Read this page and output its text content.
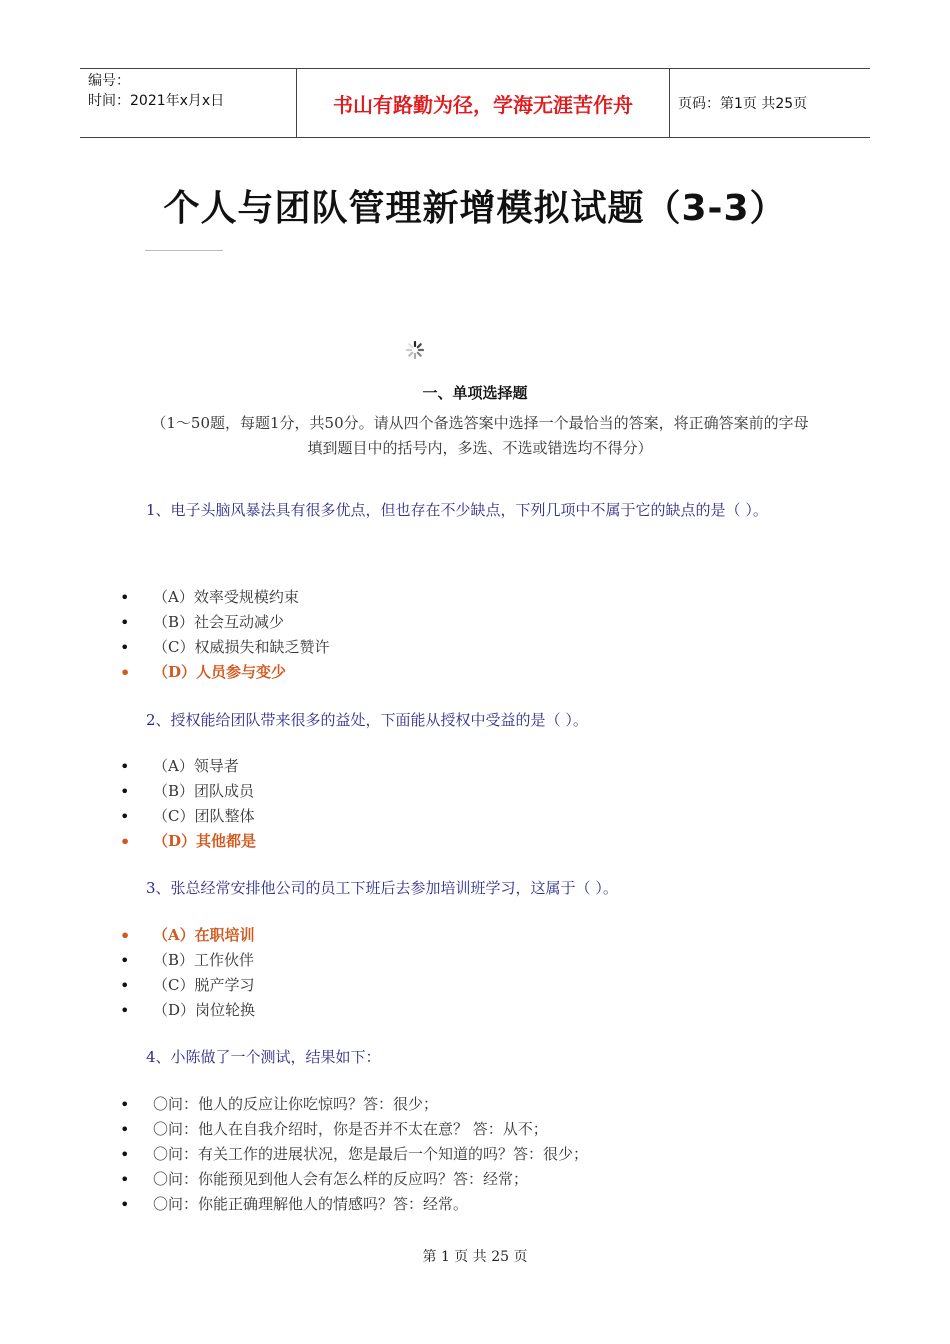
编号：
时间：2021年x月x日	书山有路勤为径，学海无涯苦作舟	页码：第1页 共25页
个人与团队管理新增模拟试题（3-3）
一、单项选择题
（1～50题，每题1分，共50分。请从四个备选答案中选择一个最恰当的答案，将正确答案前的字母填到题目中的括号内，多选、不选或错选均不得分）
1、电子头脑风暴法具有很多优点，但也存在不少缺点，下列几项中不属于它的缺点的是（ ）。
• （A）效率受规模约束
• （B）社会互动减少
• （C）权威损失和缺乏赞许
• （D）人员参与变少
2、授权能给团队带来很多的益处，下面能从授权中受益的是（ ）。
• （A）领导者
• （B）团队成员
• （C）团队整体
• （D）其他都是
3、张总经常安排他公司的员工下班后去参加培训班学习，这属于（ ）。
• （A）在职培训
• （B）工作伙伴
• （C）脱产学习
• （D）岗位轮换
4、小陈做了一个测试，结果如下：
• 〇问：他人的反应让你吃惊吗？答：很少；
• 〇问：他人在自我介绍时，你是否并不太在意？ 答：从不；
• 〇问：有关工作的进展状况，您是最后一个知道的吗？答：很少；
• 〇问：你能预见到他人会有怎么样的反应吗？答：经常；
• 〇问：你能正确理解他人的情感吗？答：经常。
第 1 页 共 25 页
